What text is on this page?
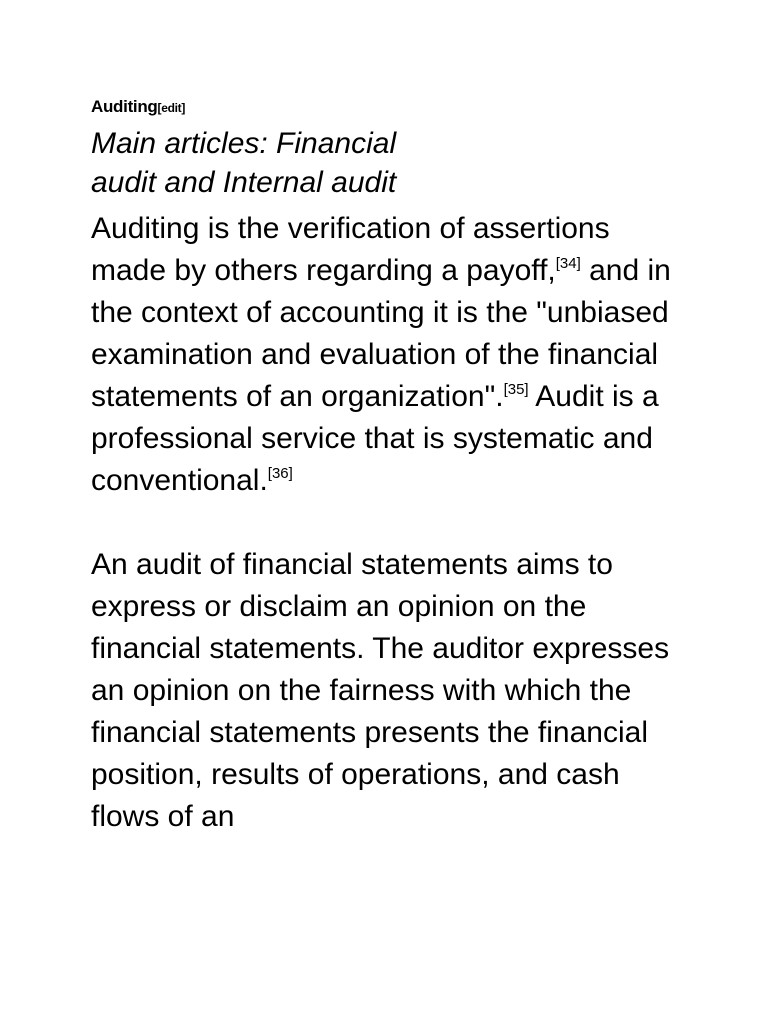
Auditing[edit]

Main articles: Financial
audit and Internal audit

Auditing is the verification of assertions made by others regarding a payoff,[34] and in the context of accounting it is the "unbiased examination and evaluation of the financial statements of an organization".[35] Audit is a professional service that is systematic and conventional.[36]

An audit of financial statements aims to express or disclaim an opinion on the financial statements. The auditor expresses an opinion on the fairness with which the financial statements presents the financial position, results of operations, and cash flows of an
